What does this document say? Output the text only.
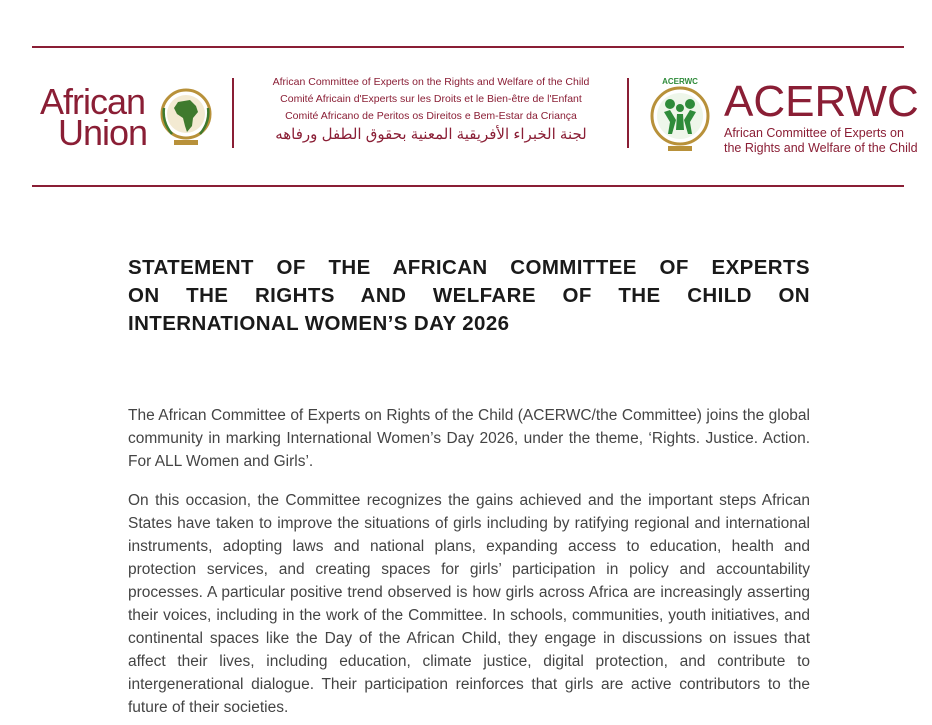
African
Union
African Committee of Experts on the Rights and Welfare of the Child
Comité Africain d'Experts sur les Droits et le Bien-être de l'Enfant
Comité Africano de Peritos os Direitos e Bem-Estar da Criança
لجنة الخبراء الأفريقية المعنية بحقوق الطفل ورفاهه
ACERWC ACERWC
African Committee of Experts on
the Rights and Welfare of the Child
STATEMENT OF THE AFRICAN COMMITTEE OF EXPERTS
ON THE RIGHTS AND WELFARE OF THE CHILD ON
INTERNATIONAL WOMEN’S DAY 2026
The African Committee of Experts on Rights of the Child (ACERWC/the Committee) joins the global community in marking International Women’s Day 2026, under the theme, ‘Rights. Justice. Action. For ALL Women and Girls’.
On this occasion, the Committee recognizes the gains achieved and the important steps African States have taken to improve the situations of girls including by ratifying regional and international instruments, adopting laws and national plans, expanding access to education, health and protection services, and creating spaces for girls’ participation in policy and accountability processes. A particular positive trend observed is how girls across Africa are increasingly asserting their voices, including in the work of the Committee. In schools, communities, youth initiatives, and continental spaces like the Day of the African Child, they engage in discussions on issues that affect their lives, including education, climate justice, digital protection, and contribute to intergenerational dialogue. Their participation reinforces that girls are active contributors to the future of their societies.
